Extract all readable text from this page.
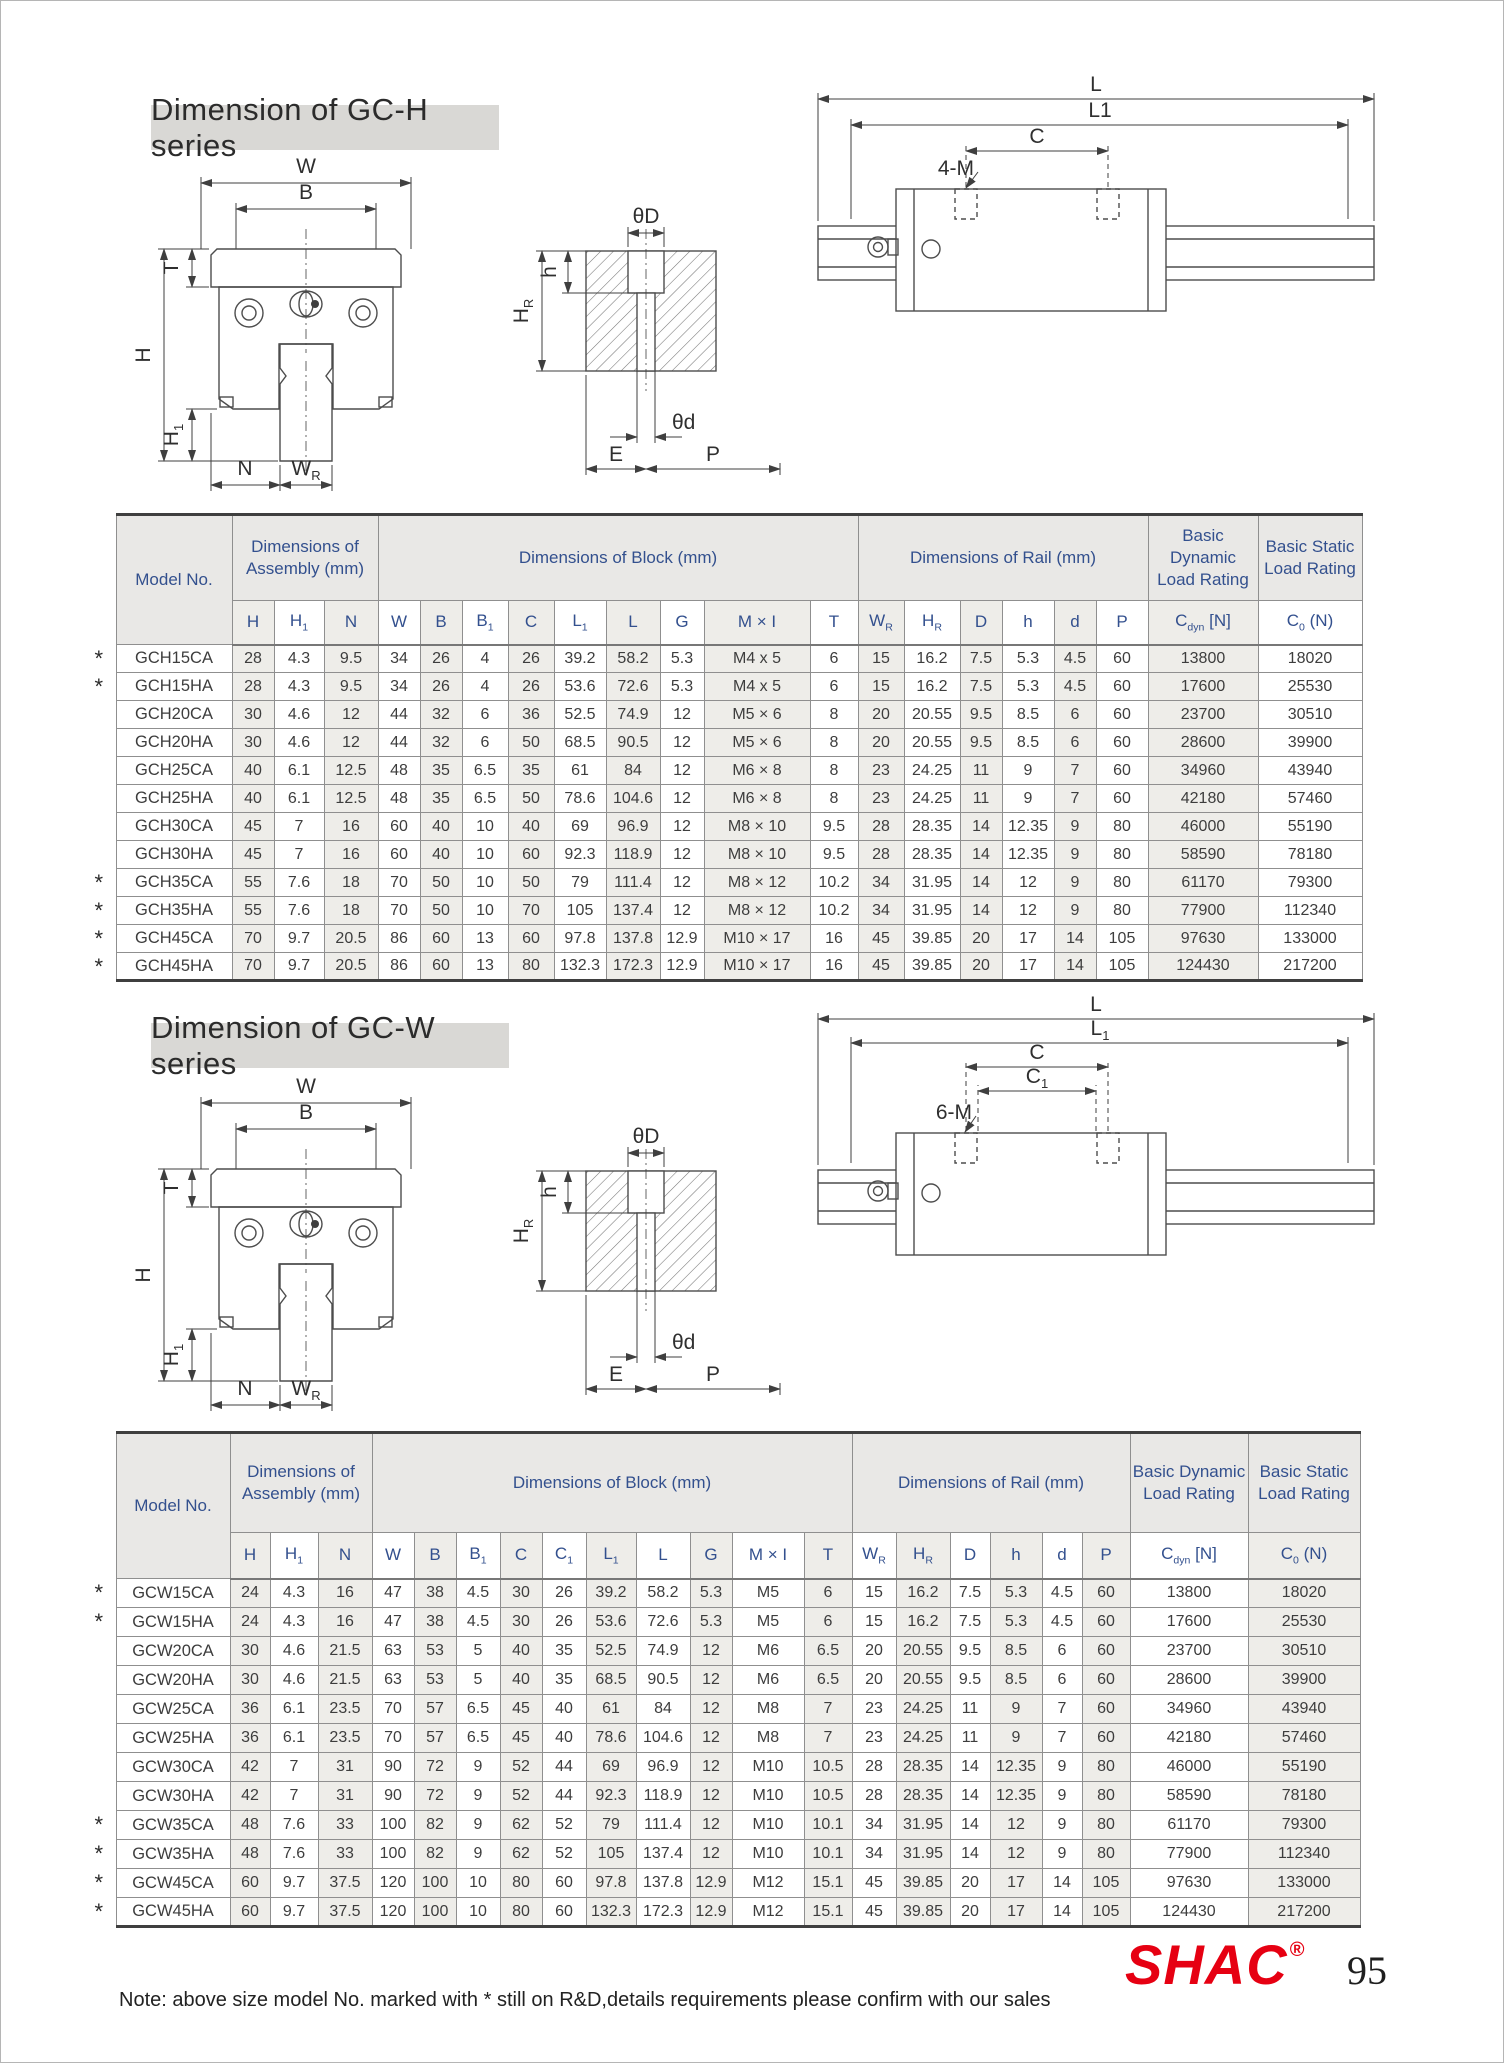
Dimension of GC-H series
W
B
H
T
$H_1$
N $W_R$
θD
h
$H_R$
θd
E	P
L
L1
C
4-M
	Model No.	Dimensions of Assembly (mm)			Dimensions of Block (mm)									Dimensions of Rail (mm)						Basic Dynamic Load Rating	Basic Static Load Rating
		H	$H_1$	N	W	B	$B_1$	C	$L_1$	L	G	M × I	T	$W_R$	$H_R$	D	h	d	P	$C_{dyn}$ [N]	$C_0$ (N)
*	GCH15CA	28	4.3	9.5	34	26	4	26	39.2	58.2	5.3	M4 x 5	6	15	16.2	7.5	5.3	4.5	60	13800	18020
*	GCH15HA	28	4.3	9.5	34	26	4	26	53.6	72.6	5.3	M4 x 5	6	15	16.2	7.5	5.3	4.5	60	17600	25530
	GCH20CA	30	4.6	12	44	32	6	36	52.5	74.9	12	M5 × 6	8	20	20.55	9.5	8.5	6	60	23700	30510
	GCH20HA	30	4.6	12	44	32	6	50	68.5	90.5	12	M5 × 6	8	20	20.55	9.5	8.5	6	60	28600	39900
	GCH25CA	40	6.1	12.5	48	35	6.5	35	61	84	12	M6 × 8	8	23	24.25	11	9	7	60	34960	43940
	GCH25HA	40	6.1	12.5	48	35	6.5	50	78.6	104.6	12	M6 × 8	8	23	24.25	11	9	7	60	42180	57460
	GCH30CA	45	7	16	60	40	10	40	69	96.9	12	M8 × 10	9.5	28	28.35	14	12.35	9	80	46000	55190
	GCH30HA	45	7	16	60	40	10	60	92.3	118.9	12	M8 × 10	9.5	28	28.35	14	12.35	9	80	58590	78180
*	GCH35CA	55	7.6	18	70	50	10	50	79	111.4	12	M8 × 12	10.2	34	31.95	14	12	9	80	61170	79300
*	GCH35HA	55	7.6	18	70	50	10	70	105	137.4	12	M8 × 12	10.2	34	31.95	14	12	9	80	77900	112340
*	GCH45CA	70	9.7	20.5	86	60	13	60	97.8	137.8	12.9	M10 × 17	16	45	39.85	20	17	14	105	97630	133000
*	GCH45HA	70	9.7	20.5	86	60	13	80	132.3	172.3	12.9	M10 × 17	16	45	39.85	20	17	14	105	124430	217200
Dimension of GC-W series
W
B
H
T
$H_1$
N $W_R$
θD
h
$H_R$
θd
E	P
L
$L_1$
C
$C_1$
6-M
	Model No.	Dimensions of Assembly (mm)			Dimensions of Block (mm)										Dimensions of Rail (mm)						Basic Dynamic Load Rating	Basic Static Load Rating
		H	$H_1$	N	W	B	$B_1$	C	$C_1$	$L_1$	L	G	M × I	T	$W_R$	$H_R$	D	h	d	P	$C_{dyn}$ [N]	$C_0$ (N)
*	GCW15CA	24	4.3	16	47	38	4.5	30	26	39.2	58.2	5.3	M5	6	15	16.2	7.5	5.3	4.5	60	13800	18020
*	GCW15HA	24	4.3	16	47	38	4.5	30	26	53.6	72.6	5.3	M5	6	15	16.2	7.5	5.3	4.5	60	17600	25530
	GCW20CA	30	4.6	21.5	63	53	5	40	35	52.5	74.9	12	M6	6.5	20	20.55	9.5	8.5	6	60	23700	30510
	GCW20HA	30	4.6	21.5	63	53	5	40	35	68.5	90.5	12	M6	6.5	20	20.55	9.5	8.5	6	60	28600	39900
	GCW25CA	36	6.1	23.5	70	57	6.5	45	40	61	84	12	M8	7	23	24.25	11	9	7	60	34960	43940
	GCW25HA	36	6.1	23.5	70	57	6.5	45	40	78.6	104.6	12	M8	7	23	24.25	11	9	7	60	42180	57460
	GCW30CA	42	7	31	90	72	9	52	44	69	96.9	12	M10	10.5	28	28.35	14	12.35	9	80	46000	55190
	GCW30HA	42	7	31	90	72	9	52	44	92.3	118.9	12	M10	10.5	28	28.35	14	12.35	9	80	58590	78180
*	GCW35CA	48	7.6	33	100	82	9	62	52	79	111.4	12	M10	10.1	34	31.95	14	12	9	80	61170	79300
*	GCW35HA	48	7.6	33	100	82	9	62	52	105	137.4	12	M10	10.1	34	31.95	14	12	9	80	77900	112340
*	GCW45CA	60	9.7	37.5	120	100	10	80	60	97.8	137.8	12.9	M12	15.1	45	39.85	20	17	14	105	97630	133000
*	GCW45HA	60	9.7	37.5	120	100	10	80	60	132.3	172.3	12.9	M12	15.1	45	39.85	20	17	14	105	124430	217200
Note: above size model No. marked with * still on R&D,details requirements please confirm with our sales
SHAC ® 95
